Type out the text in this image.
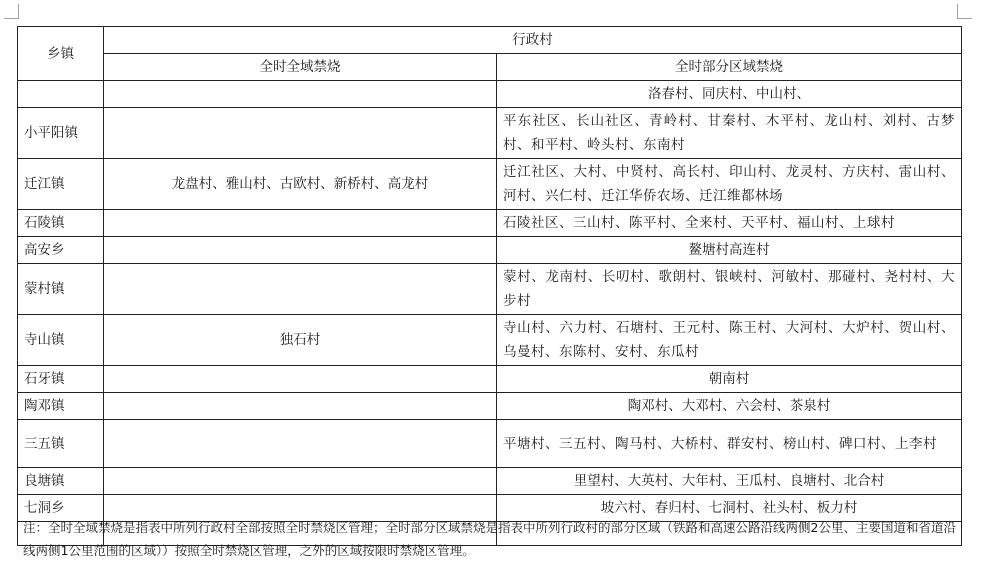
乡镇	行政村	
	全时全域禁烧	全时部分区域禁烧
		洛春村、同庆村、中山村、
小平阳镇		平东社区、长山社区、青岭村、甘秦村、木平村、龙山村、刘村、古梦村、和平村、岭头村、东南村
迁江镇	龙盘村、雅山村、古欧村、新桥村、高龙村	迁江社区、大村、中贤村、高长村、印山村、龙灵村、方庆村、雷山村、河村、兴仁村、迁江华侨农场、迁江维都林场
石陵镇		石陵社区、三山村、陈平村、全来村、天平村、福山村、上球村
高安乡		鳌塘村高连村
蒙村镇		蒙村、龙南村、长叨村、歌朗村、银峡村、河敏村、那碰村、尧村村、大步村
寺山镇	独石村	寺山村、六力村、石塘村、王元村、陈王村、大河村、大炉村、贺山村、乌曼村、东陈村、安村、东瓜村
石牙镇		朝南村
陶邓镇		陶邓村、大邓村、六会村、茶泉村
三五镇		平塘村、三五村、陶马村、大桥村、群安村、榜山村、碑口村、上李村
良塘镇		里望村、大英村、大年村、王瓜村、良塘村、北合村
七洞乡		坡六村、春归村、七洞村、社头村、板力村

注：全时全域禁烧是指表中所列行政村全部按照全时禁烧区管理；全时部分区域禁烧是指表中所列行政村的部分区域（铁路和高速公路沿线两侧2公里、主要国道和省道沿线两侧1公里范围的区域））按照全时禁烧区管理，之外的区域按限时禁烧区管理。
